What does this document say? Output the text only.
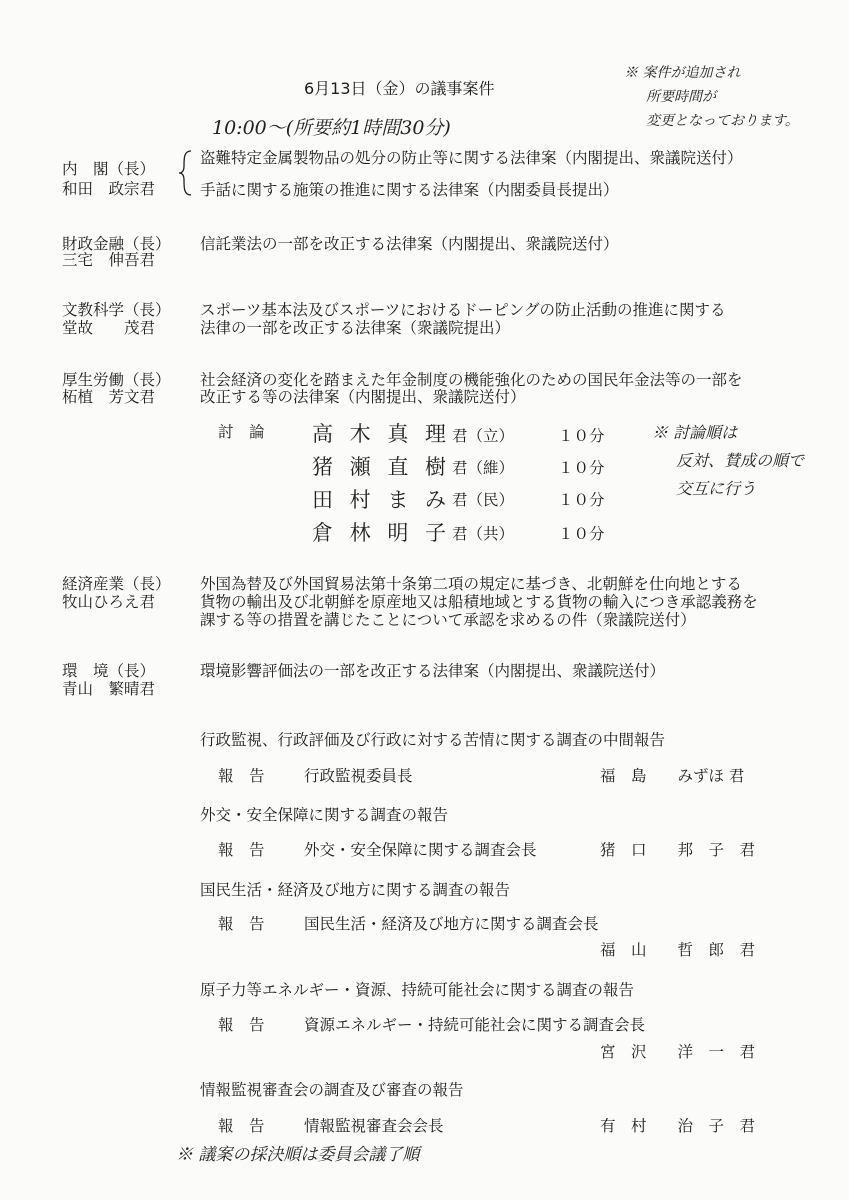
6月13日（金）の議事案件
※ 案件が追加され
所要時間が
変更となっております。
10:00～(所要約1時間30分)
内　閣（長）
和田　政宗君
盗難特定金属製物品の処分の防止等に関する法律案（内閣提出、衆議院送付）
手話に関する施策の推進に関する法律案（内閣委員長提出）
財政金融（長）
三宅　伸吾君
信託業法の一部を改正する法律案（内閣提出、衆議院送付）
文教科学（長）
堂故　　茂君
スポーツ基本法及びスポーツにおけるドーピングの防止活動の推進に関する
法律の一部を改正する法律案（衆議院提出）
厚生労働（長）
柘植　芳文君
社会経済の変化を踏まえた年金制度の機能強化のための国民年金法等の一部を
改正する等の法律案（内閣提出、衆議院送付）
討　論 高 木 真 理 君（立）	１０分
猪 瀬 直 樹 君（維）	１０分
田 村 ま み 君（民）	１０分
倉 林 明 子 君（共）	１０分
※ 討論順は
反対、賛成の順で
交互に行う
経済産業（長）
牧山ひろえ君
外国為替及び外国貿易法第十条第二項の規定に基づき、北朝鮮を仕向地とする
貨物の輸出及び北朝鮮を原産地又は船積地域とする貨物の輸入につき承認義務を
課する等の措置を講じたことについて承認を求めるの件（衆議院送付）
環　境（長）
青山　繁晴君
環境影響評価法の一部を改正する法律案（内閣提出、衆議院送付）
行政監視、行政評価及び行政に対する苦情に関する調査の中間報告
報　告	行政監視委員長	福　島　　みずほ 君
外交・安全保障に関する調査の報告
報　告	外交・安全保障に関する調査会長	猪　口　　邦　子　君
国民生活・経済及び地方に関する調査の報告
報　告	国民生活・経済及び地方に関する調査会長
福　山　　哲　郎　君
原子力等エネルギー・資源、持続可能社会に関する調査の報告
報　告	資源エネルギー・持続可能社会に関する調査会長
宮　沢　　洋　一　君
情報監視審査会の調査及び審査の報告
報　告	情報監視審査会会長	有　村　　治　子　君
※ 議案の採決順は委員会議了順
